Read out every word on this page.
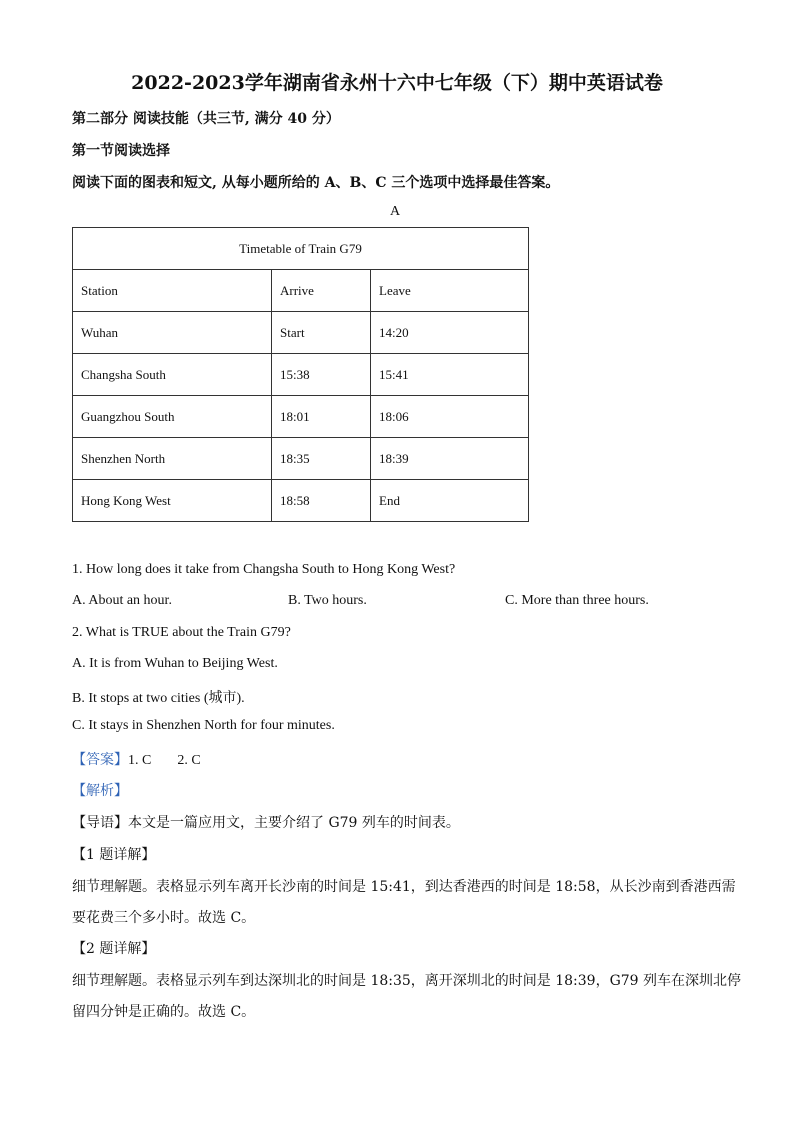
2022-2023学年湖南省永州十六中七年级（下）期中英语试卷
第二部分 阅读技能（共三节, 满分 40 分）
第一节阅读选择
阅读下面的图表和短文, 从每小题所给的 A、B、C 三个选项中选择最佳答案。
A
Timetable of Train G79		
Station	Arrive	Leave
Wuhan	Start	14:20
Changsha South	15:38	15:41
Guangzhou South	18:01	18:06
Shenzhen North	18:35	18:39
Hong Kong West	18:58	End
1. How long does it take from Changsha South to Hong Kong West?
A. About an hour.	B. Two hours.	C. More than three hours.
2. What is TRUE about the Train G79?
A. It is from Wuhan to Beijing West.
B. It stops at two cities (城市).
C. It stays in Shenzhen North for four minutes.
【答案】1. C 2. C
【解析】
【导语】本文是一篇应用文，主要介绍了 G79 列车的时间表。
【1 题详解】
细节理解题。表格显示列车离开长沙南的时间是 15:41，到达香港西的时间是 18:58，从长沙南到香港西需
要花费三个多小时。故选 C。
【2 题详解】
细节理解题。表格显示列车到达深圳北的时间是 18:35，离开深圳北的时间是 18:39，G79 列车在深圳北停
留四分钟是正确的。故选 C。
